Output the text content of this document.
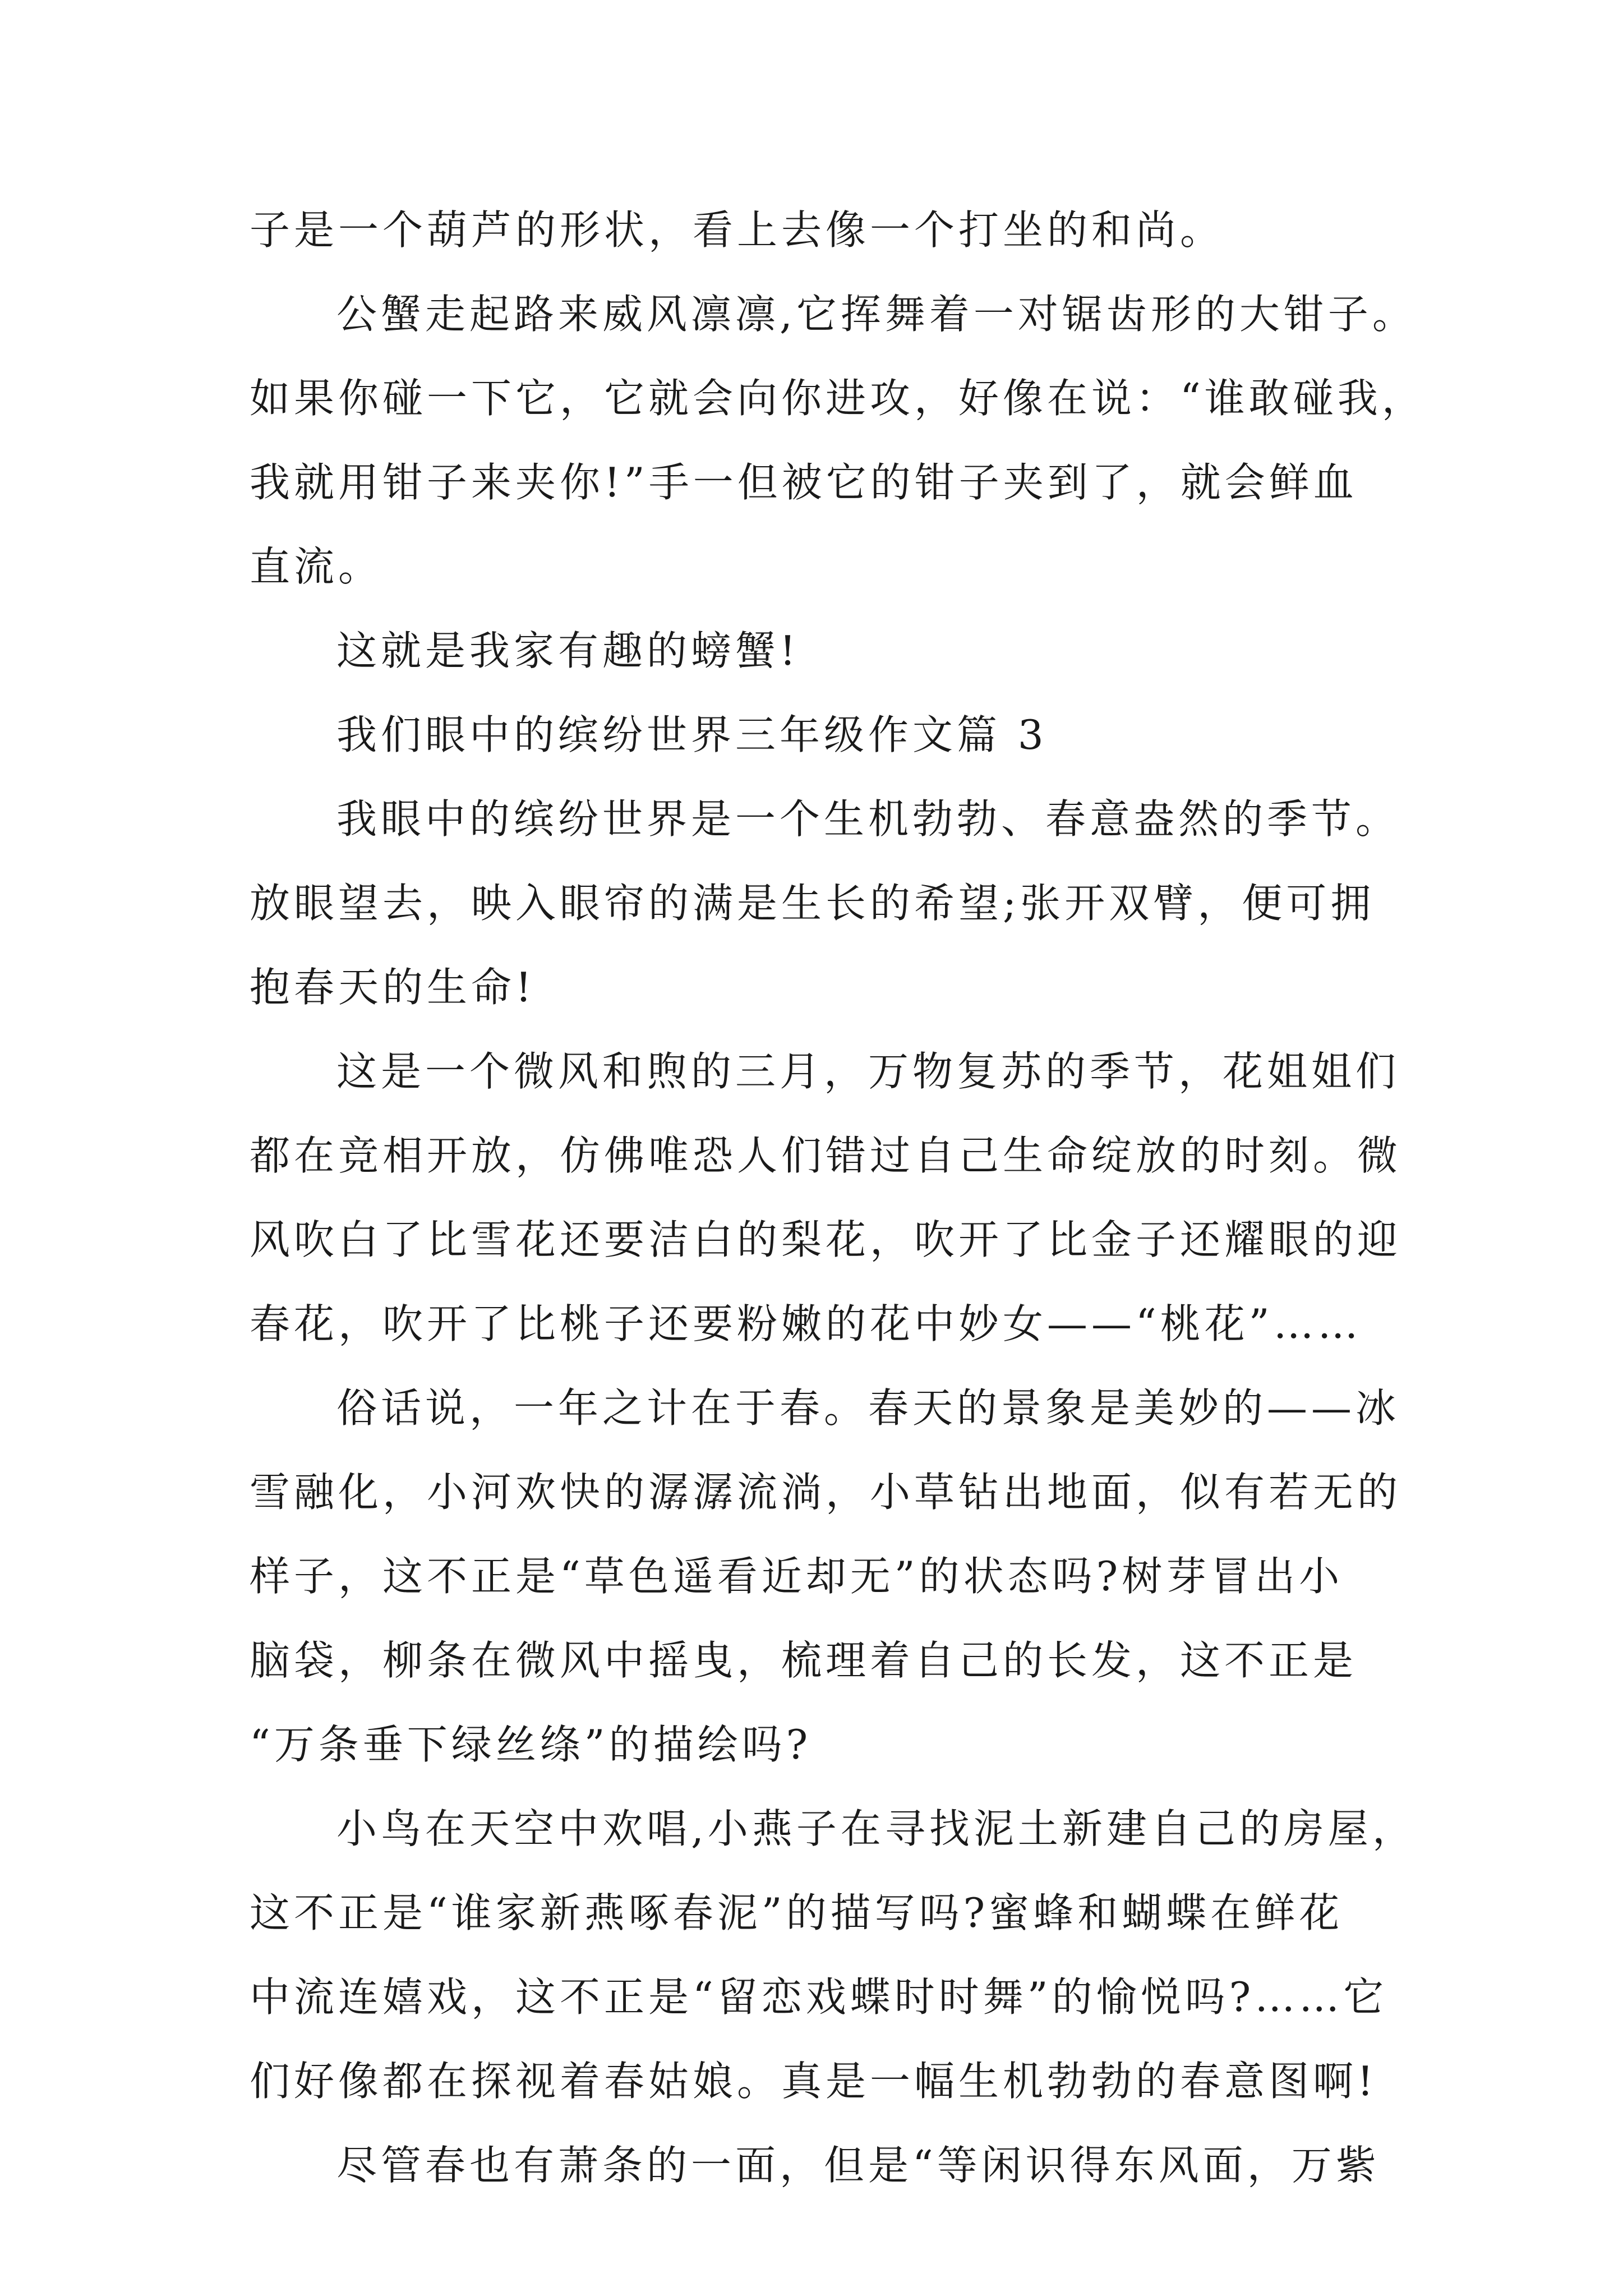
子是一个葫芦的形状，看上去像一个打坐的和尚。
公蟹走起路来威风凛凛,它挥舞着一对锯齿形的大钳子。
如果你碰一下它，它就会向你进攻，好像在说：“谁敢碰我，
我就用钳子来夹你!”手一但被它的钳子夹到了，就会鲜血
直流。
这就是我家有趣的螃蟹!
我们眼中的缤纷世界三年级作文篇 3
我眼中的缤纷世界是一个生机勃勃、春意盎然的季节。
放眼望去，映入眼帘的满是生长的希望;张开双臂，便可拥
抱春天的生命!
这是一个微风和煦的三月，万物复苏的季节，花姐姐们
都在竞相开放，仿佛唯恐人们错过自己生命绽放的时刻。微
风吹白了比雪花还要洁白的梨花，吹开了比金子还耀眼的迎
春花，吹开了比桃子还要粉嫩的花中妙女——“桃花”……
俗话说，一年之计在于春。春天的景象是美妙的——冰
雪融化，小河欢快的潺潺流淌，小草钻出地面，似有若无的
样子，这不正是“草色遥看近却无”的状态吗?树芽冒出小
脑袋，柳条在微风中摇曳，梳理着自己的长发，这不正是
“万条垂下绿丝绦”的描绘吗?
小鸟在天空中欢唱,小燕子在寻找泥土新建自己的房屋，
这不正是“谁家新燕啄春泥”的描写吗?蜜蜂和蝴蝶在鲜花
中流连嬉戏，这不正是“留恋戏蝶时时舞”的愉悦吗?……它
们好像都在探视着春姑娘。真是一幅生机勃勃的春意图啊!
尽管春也有萧条的一面，但是“等闲识得东风面，万紫
